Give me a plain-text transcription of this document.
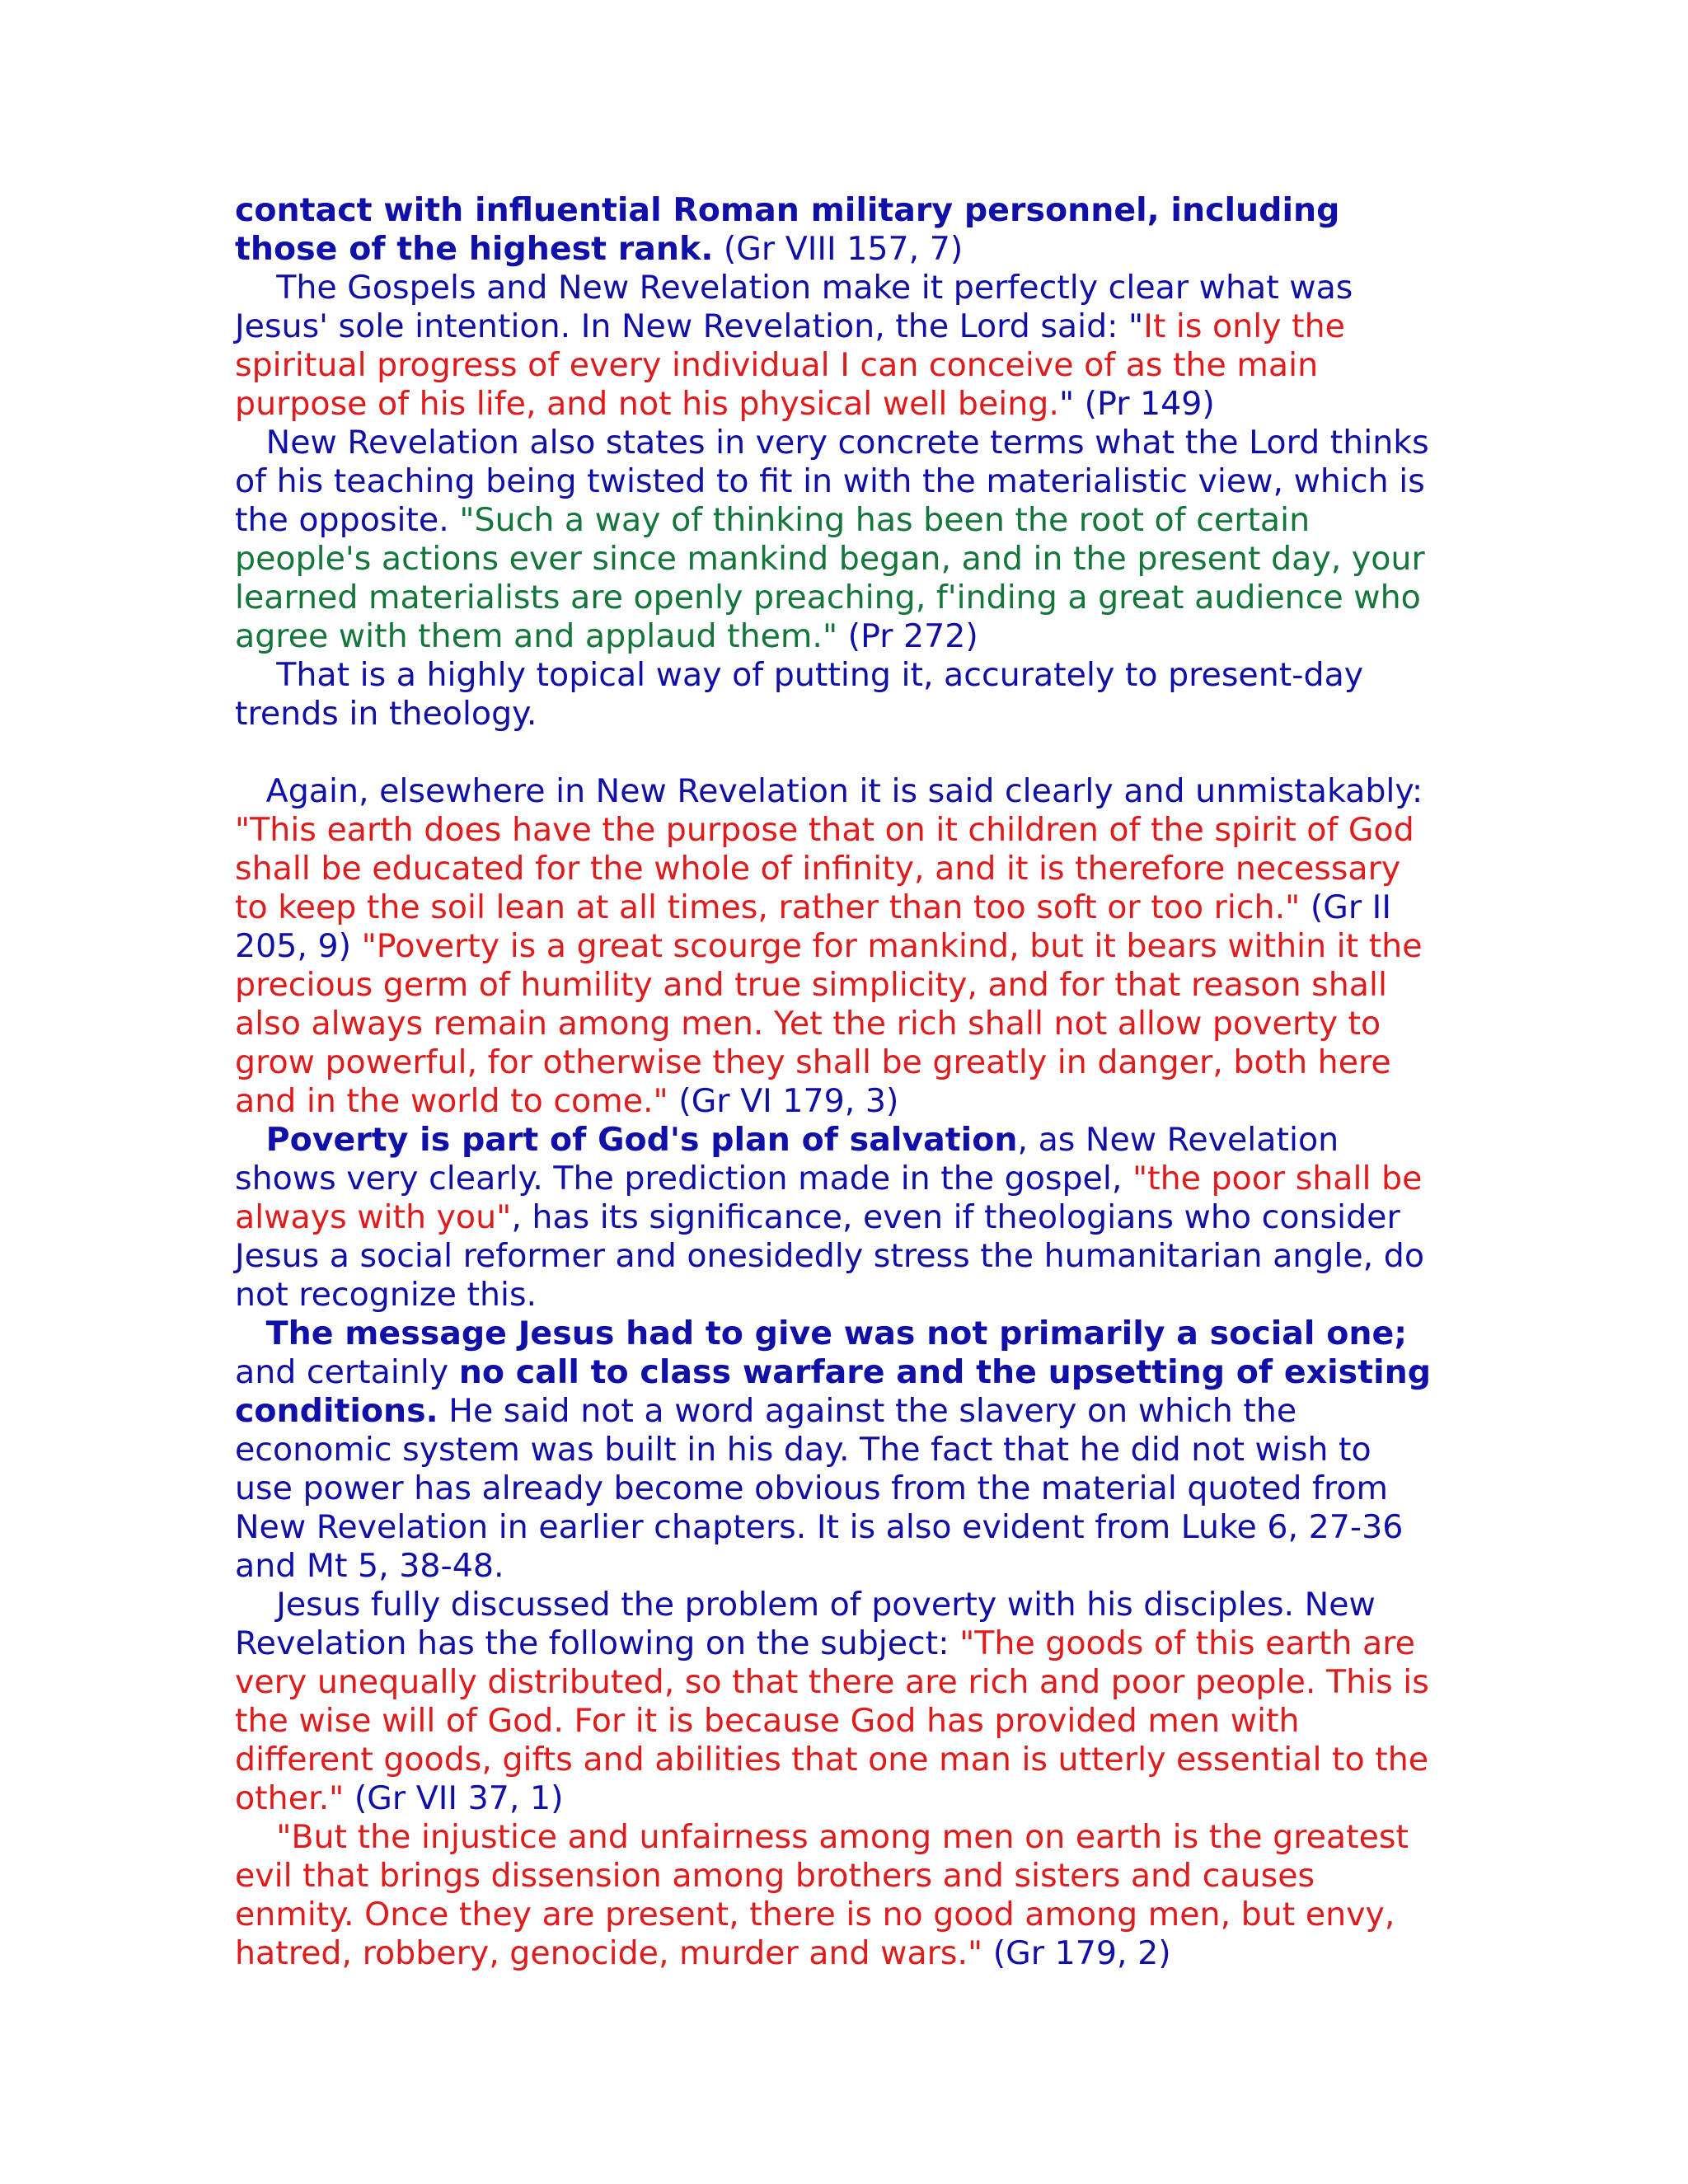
contact with influential Roman military personnel, including
those of the highest rank. (Gr VIII 157, 7)
The Gospels and New Revelation make it perfectly clear what was
Jesus' sole intention. In New Revelation, the Lord said: "It is only the
spiritual progress of every individual I can conceive of as the main
purpose of his life, and not his physical well being." (Pr 149)
New Revelation also states in very concrete terms what the Lord thinks
of his teaching being twisted to fit in with the materialistic view, which is
the opposite. "Such a way of thinking has been the root of certain
people's actions ever since mankind began, and in the present day, your
learned materialists are openly preaching, f'inding a great audience who
agree with them and applaud them." (Pr 272)
That is a highly topical way of putting it, accurately to present-day
trends in theology.
Again, elsewhere in New Revelation it is said clearly and unmistakably:
"This earth does have the purpose that on it children of the spirit of God
shall be educated for the whole of infinity, and it is therefore necessary
to keep the soil lean at all times, rather than too soft or too rich." (Gr II
205, 9) "Poverty is a great scourge for mankind, but it bears within it the
precious germ of humility and true simplicity, and for that reason shall
also always remain among men. Yet the rich shall not allow poverty to
grow powerful, for otherwise they shall be greatly in danger, both here
and in the world to come." (Gr VI 179, 3)
Poverty is part of God's plan of salvation, as New Revelation
shows very clearly. The prediction made in the gospel, "the poor shall be
always with you", has its significance, even if theologians who consider
Jesus a social reformer and onesidedly stress the humanitarian angle, do
not recognize this.
The message Jesus had to give was not primarily a social one;
and certainly no call to class warfare and the upsetting of existing
conditions. He said not a word against the slavery on which the
economic system was built in his day. The fact that he did not wish to
use power has already become obvious from the material quoted from
New Revelation in earlier chapters. It is also evident from Luke 6, 27-36
and Mt 5, 38-48.
Jesus fully discussed the problem of poverty with his disciples. New
Revelation has the following on the subject: "The goods of this earth are
very unequally distributed, so that there are rich and poor people. This is
the wise will of God. For it is because God has provided men with
different goods, gifts and abilities that one man is utterly essential to the
other." (Gr VII 37, 1)
"But the injustice and unfairness among men on earth is the greatest
evil that brings dissension among brothers and sisters and causes
enmity. Once they are present, there is no good among men, but envy,
hatred, robbery, genocide, murder and wars." (Gr 179, 2)
